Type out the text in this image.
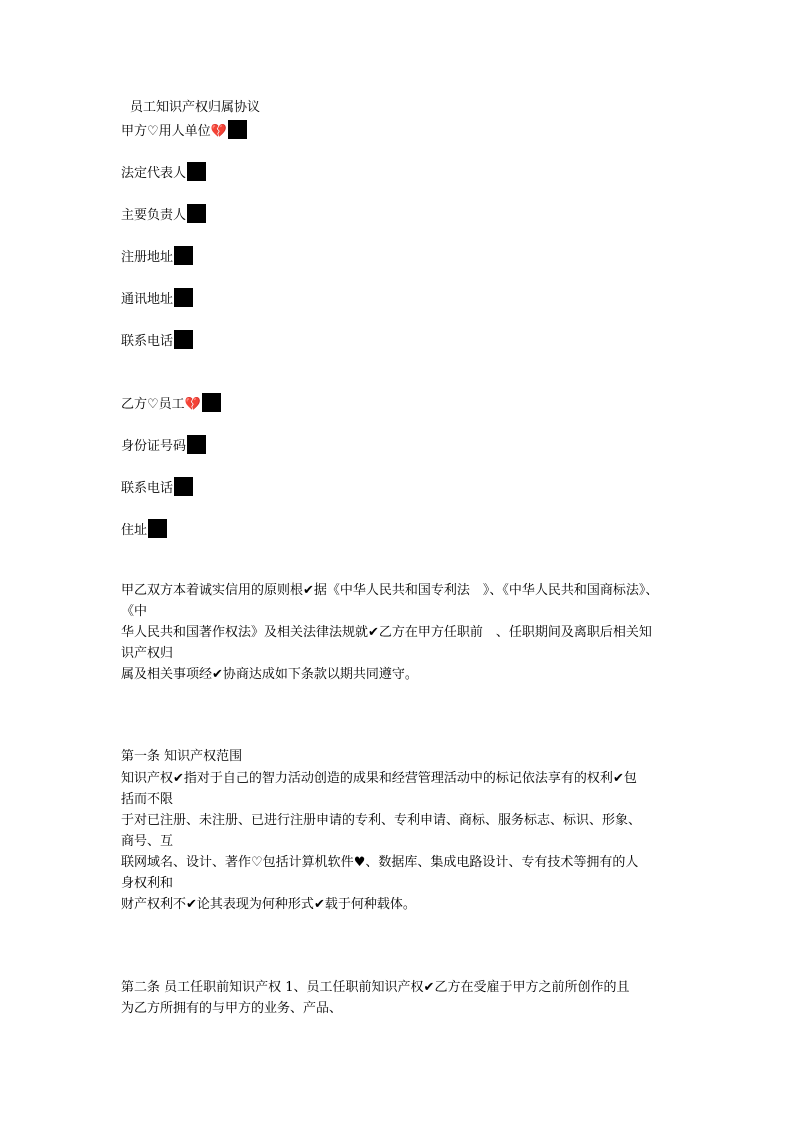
员工知识产权归属协议
甲方♡用人单位💔
法定代表人
主要负责人
注册地址
通讯地址
联系电话
乙方♡员工💔
身份证号码
联系电话
住址
甲乙双方本着诚实信用的原则根✔据《中华人民共和国专利法　》、《中华人民共和国商标法》、
《中
华人民共和国著作权法》及相关法律法规就✔乙方在甲方任职前　、任职期间及离职后相关知
识产权归
属及相关事项经✔协商达成如下条款以期共同遵守。
第一条 知识产权范围
知识产权✔指对于自己的智力活动创造的成果和经营管理活动中的标记依法享有的权利✔包
括而不限
于对已注册、未注册、已进行注册申请的专利、专利申请、商标、服务标志、标识、形象、
商号、互
联网域名、设计、著作♡包括计算机软件♥、数据库、集成电路设计、专有技术等拥有的人
身权利和
财产权利不✔论其表现为何种形式✔载于何种载体。
第二条 员工任职前知识产权 1、员工任职前知识产权✔乙方在受雇于甲方之前所创作的且
为乙方所拥有的与甲方的业务、产品、
